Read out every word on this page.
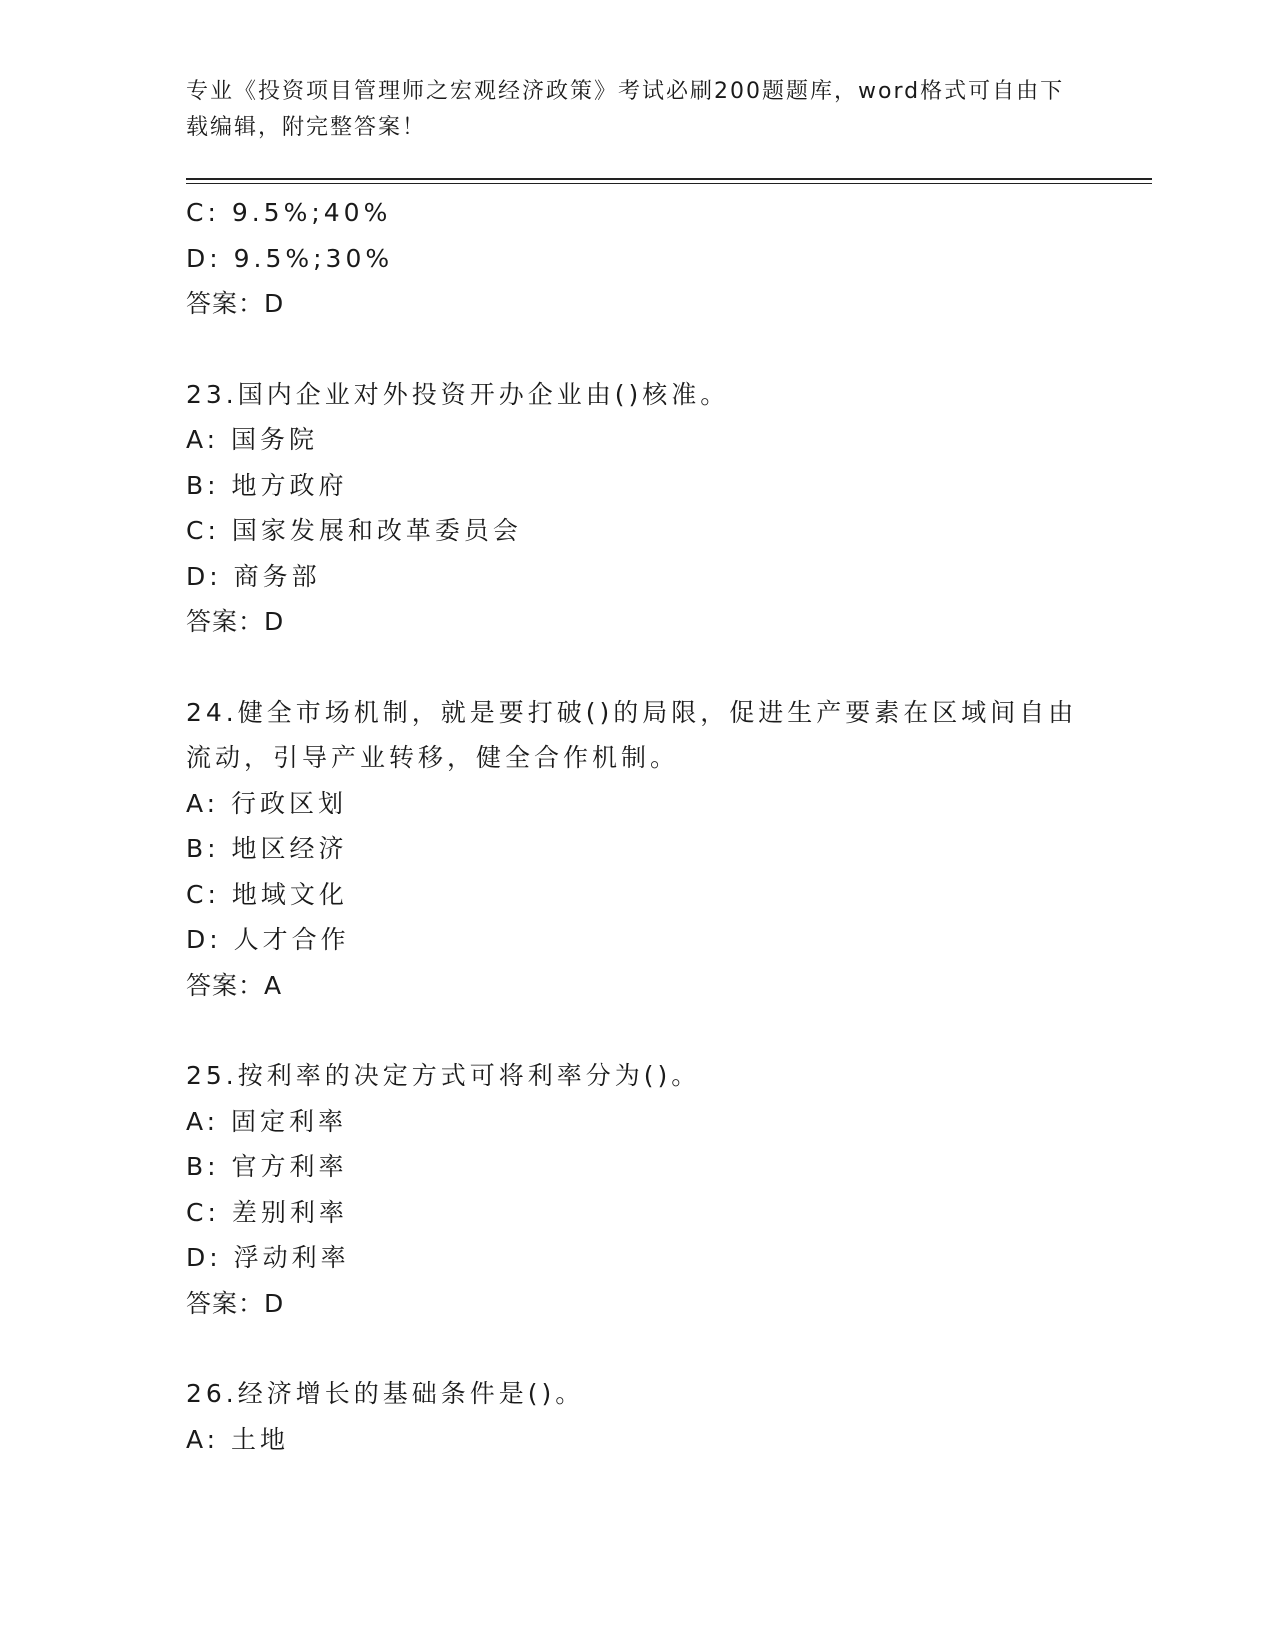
专业《投资项目管理师之宏观经济政策》考试必刷200题题库，word格式可自由下载编辑，附完整答案！
C: 9.5%;40%
D: 9.5%;30%
答案：D
23.国内企业对外投资开办企业由()核准。
A: 国务院
B: 地方政府
C: 国家发展和改革委员会
D: 商务部
答案：D
24.健全市场机制，就是要打破()的局限，促进生产要素在区域间自由流动，引导产业转移，健全合作机制。
A: 行政区划
B: 地区经济
C: 地域文化
D: 人才合作
答案：A
25.按利率的决定方式可将利率分为()。
A: 固定利率
B: 官方利率
C: 差别利率
D: 浮动利率
答案：D
26.经济增长的基础条件是()。
A: 土地
